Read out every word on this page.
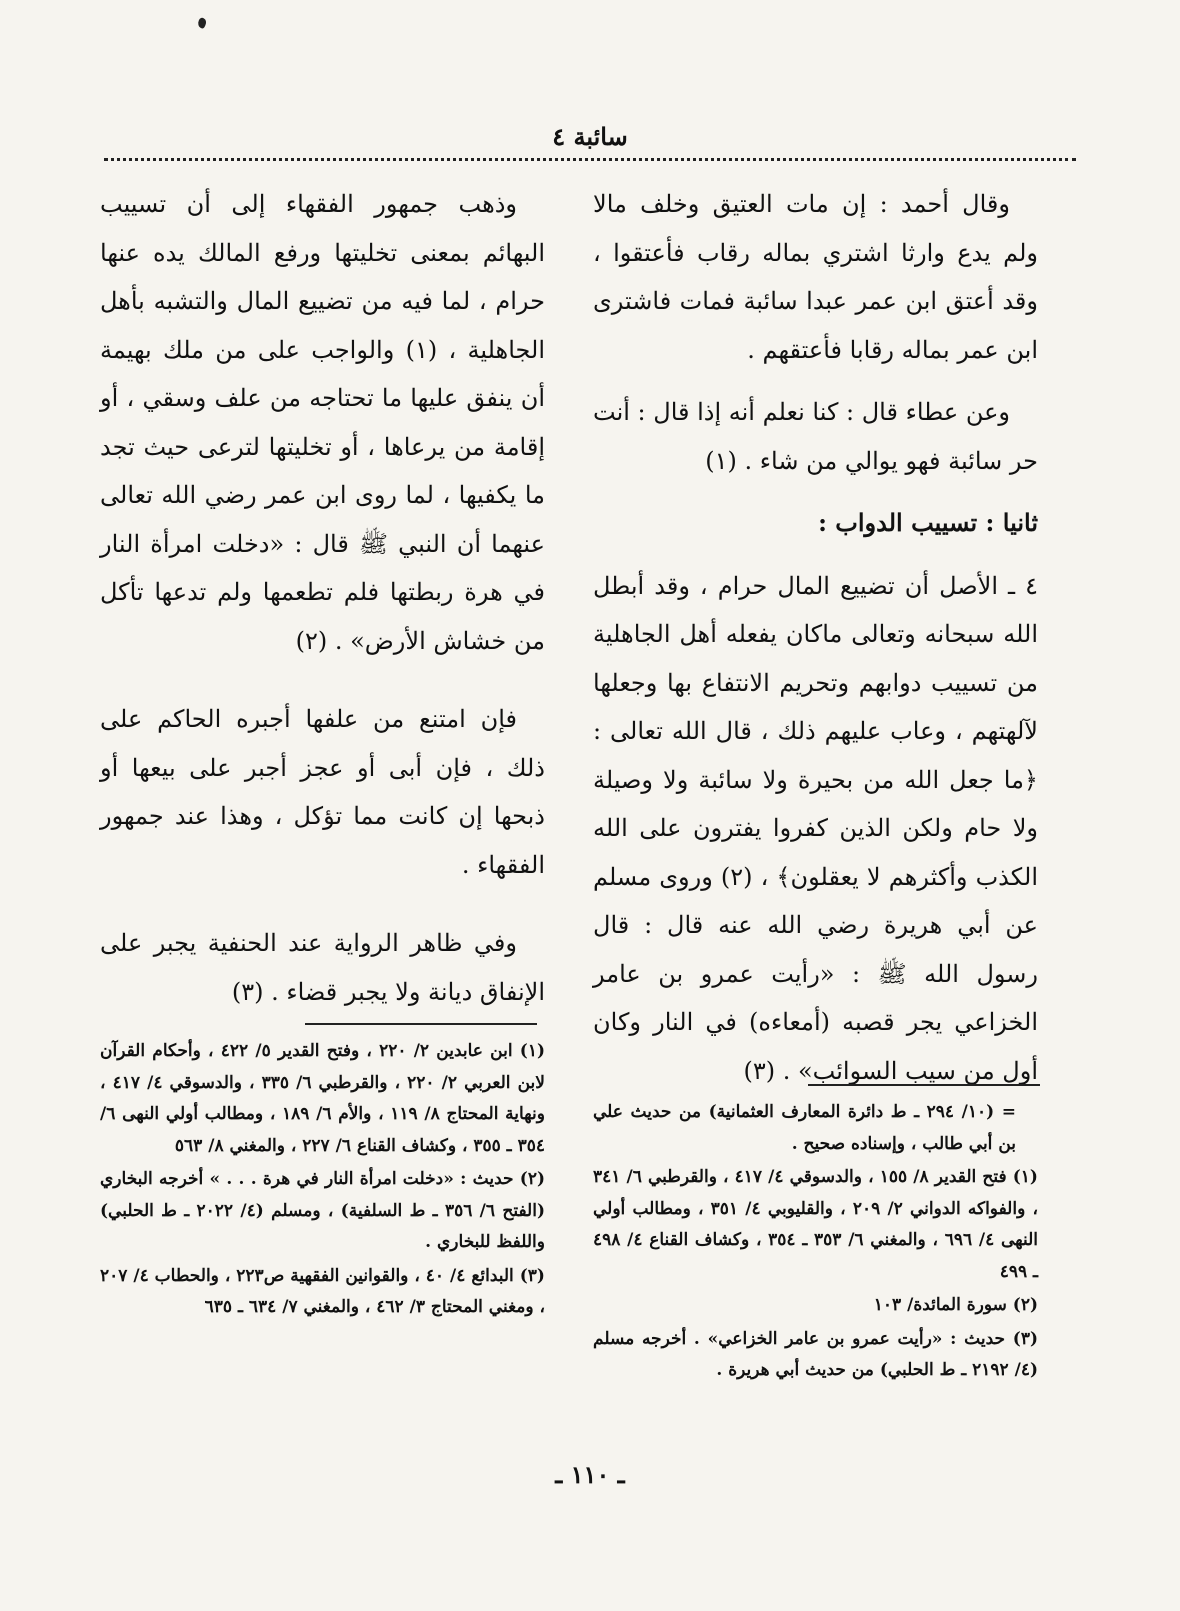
سائبة ٤

وقال أحمد : إن مات العتيق وخلف مالا ولم يدع وارثا اشتري بماله رقاب فأعتقوا ، وقد أعتق ابن عمر عبدا سائبة فمات فاشترى ابن عمر بماله رقابا فأعتقهم .

وعن عطاء قال : كنا نعلم أنه إذا قال : أنت حر سائبة فهو يوالي من شاء . (١)

ثانيا : تسييب الدواب :

٤ ـ الأصل أن تضييع المال حرام ، وقد أبطل الله سبحانه وتعالى ماكان يفعله أهل الجاهلية من تسييب دوابهم وتحريم الانتفاع بها وجعلها لآلهتهم ، وعاب عليهم ذلك ، قال الله تعالى : ﴿ما جعل الله من بحيرة ولا سائبة ولا وصيلة ولا حام ولكن الذين كفروا يفترون على الله الكذب وأكثرهم لا يعقلون﴾ ، (٢) وروى مسلم عن أبي هريرة رضي الله عنه قال : قال رسول الله ﷺ : «رأيت عمرو بن عامر الخزاعي يجر قصبه (أمعاءه) في النار وكان أول من سيب السوائب» . (٣)

وذهب جمهور الفقهاء إلى أن تسييب البهائم بمعنى تخليتها ورفع المالك يده عنها حرام ، لما فيه من تضييع المال والتشبه بأهل الجاهلية ، (١) والواجب على من ملك بهيمة أن ينفق عليها ما تحتاجه من علف وسقي ، أو إقامة من يرعاها ، أو تخليتها لترعى حيث تجد ما يكفيها ، لما روى ابن عمر رضي الله تعالى عنهما أن النبي ﷺ قال : «دخلت امرأة النار في هرة ربطتها فلم تطعمها ولم تدعها تأكل من خشاش الأرض» . (٢)

فإن امتنع من علفها أجبره الحاكم على ذلك ، فإن أبى أو عجز أجبر على بيعها أو ذبحها إن كانت مما تؤكل ، وهذا عند جمهور الفقهاء .

وفي ظاهر الرواية عند الحنفية يجبر على الإنفاق ديانة ولا يجبر قضاء . (٣)

(١) ابن عابدين ٢/ ٢٢٠ ، وفتح القدير ٥/ ٤٢٢ ، وأحكام القرآن لابن العربي ٢/ ٢٢٠ ، والقرطبي ٦/ ٣٣٥ ، والدسوقي ٤/ ٤١٧ ، ونهاية المحتاج ٨/ ١١٩ ، والأم ٦/ ١٨٩ ، ومطالب أولي النهى ٦/ ٣٥٤ ـ ٣٥٥ ، وكشاف القناع ٦/ ٢٢٧ ، والمغني ٨/ ٥٦٣

(٢) حديث : «دخلت امرأة النار في هرة . . . » أخرجه البخاري (الفتح ٦/ ٣٥٦ ـ ط السلفية) ، ومسلم (٤/ ٢٠٢٢ ـ ط الحلبي) واللفظ للبخاري .

(٣) البدائع ٤/ ٤٠ ، والقوانين الفقهية ص٢٢٣ ، والحطاب ٤/ ٢٠٧ ، ومغني المحتاج ٣/ ٤٦٢ ، والمغني ٧/ ٦٣٤ ـ ٦٣٥

= (١٠/ ٢٩٤ ـ ط دائرة المعارف العثمانية) من حديث علي بن أبي طالب ، وإسناده صحيح .

(١) فتح القدير ٨/ ١٥٥ ، والدسوقي ٤/ ٤١٧ ، والقرطبي ٦/ ٣٤١ ، والفواكه الدواني ٢/ ٢٠٩ ، والقليوبي ٤/ ٣٥١ ، ومطالب أولي النهى ٤/ ٦٩٦ ، والمغني ٦/ ٣٥٣ ـ ٣٥٤ ، وكشاف القناع ٤/ ٤٩٨ ـ ٤٩٩

(٢) سورة المائدة/ ١٠٣

(٣) حديث : «رأيت عمرو بن عامر الخزاعي» . أخرجه مسلم (٤/ ٢١٩٢ ـ ط الحلبي) من حديث أبي هريرة .

ـ ١١٠ ـ
